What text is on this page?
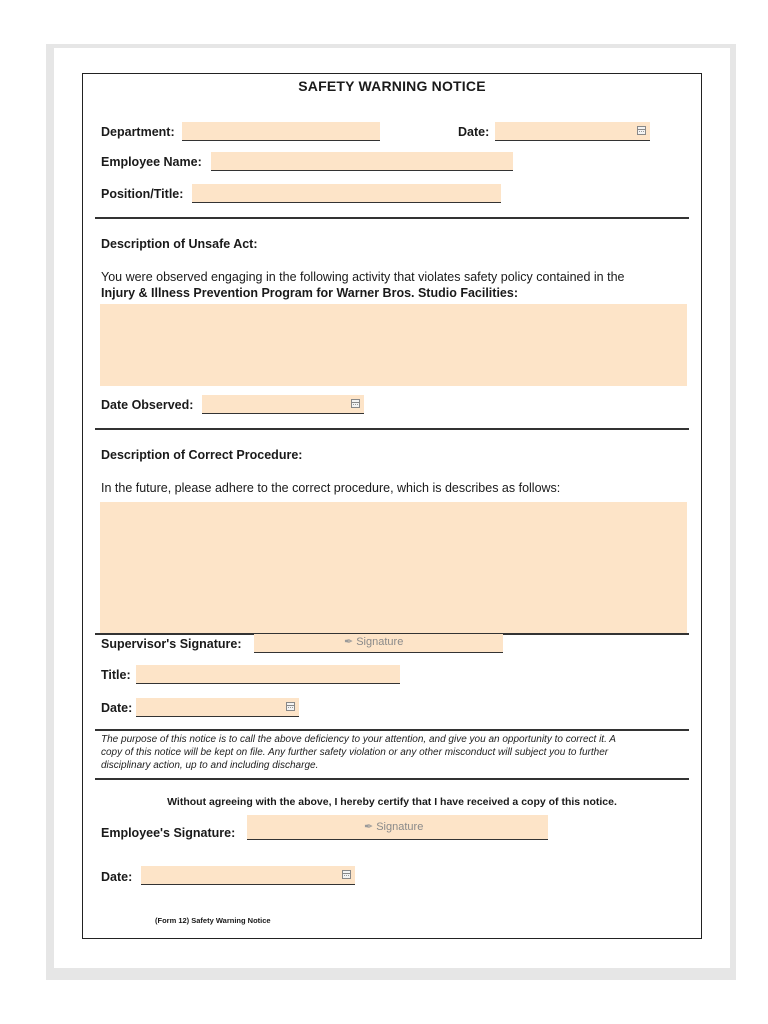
SAFETY WARNING NOTICE
Department:	Date:
Employee Name:
Position/Title:
Description of Unsafe Act:
You were observed engaging in the following activity that violates safety policy contained in the
Injury & Illness Prevention Program for Warner Bros. Studio Facilities:
Date Observed:
Description of Correct Procedure:
In the future, please adhere to the correct procedure, which is describes as follows:
Supervisor's Signature:	✒ Signature
Title:
Date:
The purpose of this notice is to call the above deficiency to your attention, and give you an opportunity to correct it. A
copy of this notice will be kept on file. Any further safety violation or any other misconduct will subject you to further
disciplinary action, up to and including discharge.
Without agreeing with the above, I hereby certify that I have received a copy of this notice.
Employee's Signature:	✒ Signature
Date:
(Form 12) Safety Warning Notice
